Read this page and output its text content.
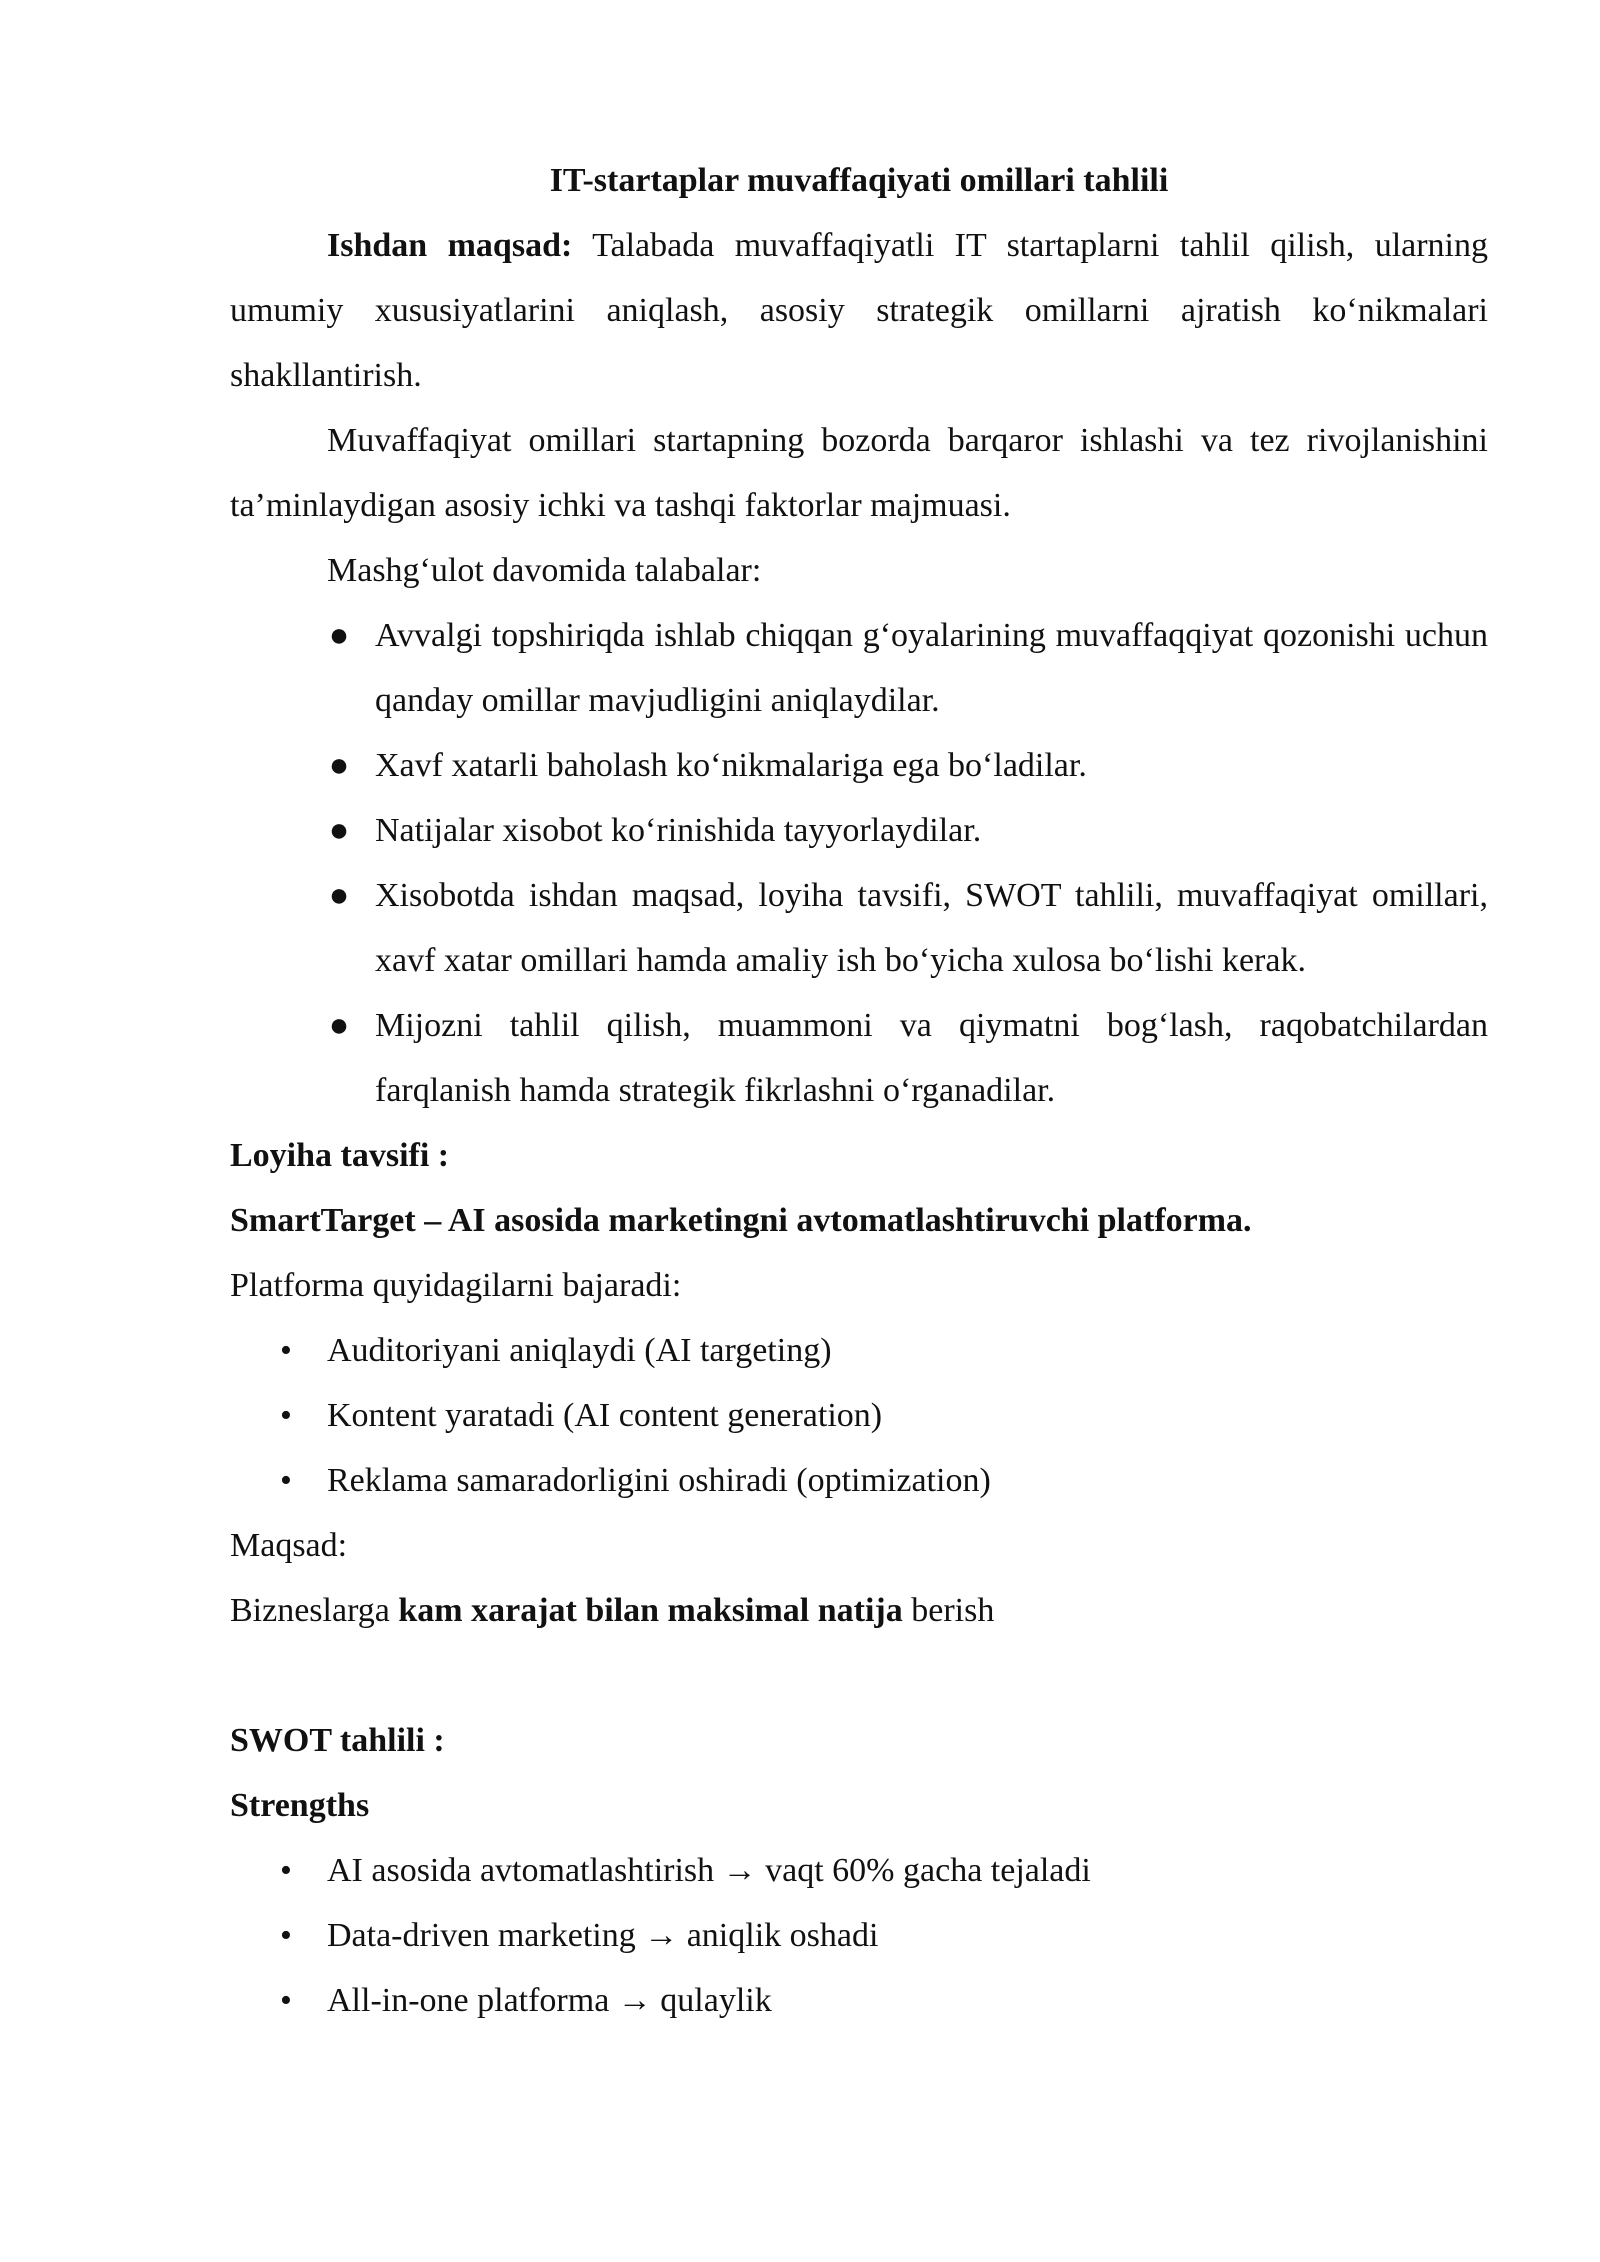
IT-startaplar muvaffaqiyati omillari tahlili

Ishdan maqsad: Talabada muvaffaqiyatli IT startaplarni tahlil qilish, ularning umumiy xususiyatlarini aniqlash, asosiy strategik omillarni ajratish ko‘nikmalari shakllantirish.

Muvaffaqiyat omillari startapning bozorda barqaror ishlashi va tez rivojlanishini ta’minlaydigan asosiy ichki va tashqi faktorlar majmuasi.

Mashg‘ulot davomida talabalar:

● Avvalgi topshiriqda ishlab chiqqan g‘oyalarining muvaffaqqiyat qozonishi uchun qanday omillar mavjudligini aniqlaydilar.
● Xavf xatarli baholash ko‘nikmalariga ega bo‘ladilar.
● Natijalar xisobot ko‘rinishida tayyorlaydilar.
● Xisobotda ishdan maqsad, loyiha tavsifi, SWOT tahlili, muvaffaqiyat omillari, xavf xatar omillari hamda amaliy ish bo‘yicha xulosa bo‘lishi kerak.
● Mijozni tahlil qilish, muammoni va qiymatni bog‘lash, raqobatchilardan farqlanish hamda strategik fikrlashni o‘rganadilar.

Loyiha tavsifi :

SmartTarget – AI asosida marketingni avtomatlashtiruvchi platforma.

Platforma quyidagilarni bajaradi:

• Auditoriyani aniqlaydi (AI targeting)
• Kontent yaratadi (AI content generation)
• Reklama samaradorligini oshiradi (optimization)

Maqsad:

Bizneslarga kam xarajat bilan maksimal natija berish

SWOT tahlili :

Strengths

• AI asosida avtomatlashtirish → vaqt 60% gacha tejaladi
• Data-driven marketing → aniqlik oshadi
• All-in-one platforma → qulaylik
